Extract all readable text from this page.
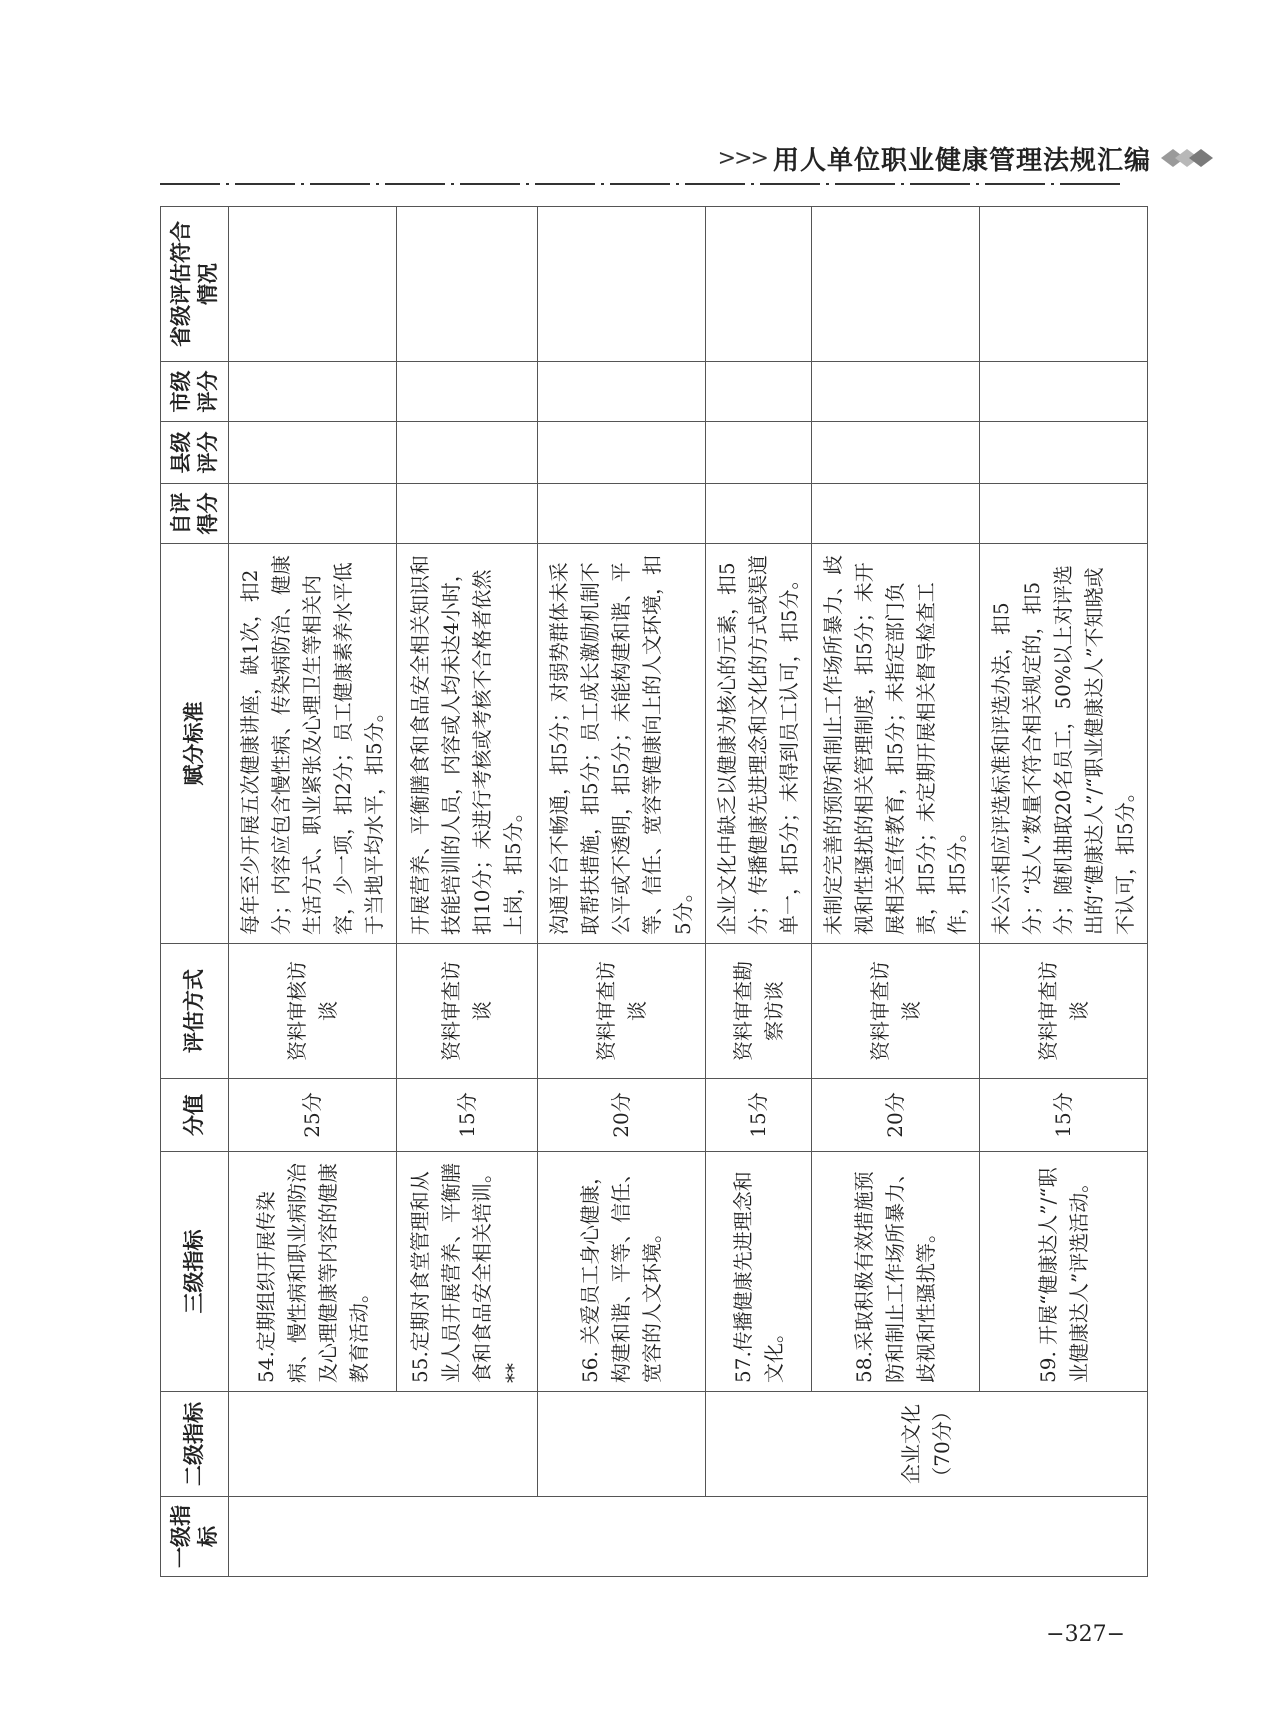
>>> 用人单位职业健康管理法规汇编
一级指标	二级指标	三级指标	分值	评估方式	赋分标准	自评得分	县级评分	市级评分	省级评估符合情况
		54.定期组织开展传染病、慢性病和职业病防治及心理健康等内容的健康教育活动。	25分	资料审核访谈	每年至少开展五次健康讲座，缺1次，扣2分；内容应包含慢性病、传染病防治、健康生活方式、职业紧张及心理卫生等相关内容，少一项，扣2分；员工健康素养水平低于当地平均水平，扣5分。				
		55.定期对食堂管理和从业人员开展营养、平衡膳食和食品安全相关培训。**	15分	资料审查访谈	开展营养、平衡膳食和食品安全相关知识和技能培训的人员，内容或人均未达4小时，扣10分；未进行考核或考核不合格者依然上岗，扣5分。				
		56. 关爱员工身心健康，构建和谐、平等、信任、宽容的人文环境。	20分	资料审查访谈	沟通平台不畅通，扣5分；对弱势群体未采取帮扶措施，扣5分；员工成长激励机制不公平或不透明，扣5分；未能构建和谐、平等、信任、宽容等健康向上的人文环境，扣5分。				
	企业文化（70分）	57.传播健康先进理念和文化。	15分	资料审查勘察访谈	企业文化中缺乏以健康为核心的元素，扣5分；传播健康先进理念和文化的方式或渠道单一，扣5分；未得到员工认可，扣5分。				
		58.采取积极有效措施预防和制止工作场所暴力、歧视和性骚扰等。	20分	资料审查访谈	未制定完善的预防和制止工作场所暴力、歧视和性骚扰的相关管理制度，扣5分；未开展相关宣传教育，扣5分；未指定部门负责，扣5分；未定期开展相关督导检查工作，扣5分。				
		59. 开展“健康达人”/“职业健康达人”评选活动。	15分	资料审查访谈	未公示相应评选标准和评选办法，扣5分；“达人”数量不符合相关规定的，扣5分；随机抽取20名员工，50%以上对评选出的“健康达人”/“职业健康达人”不知晓或不认可，扣5分。				
−327−
